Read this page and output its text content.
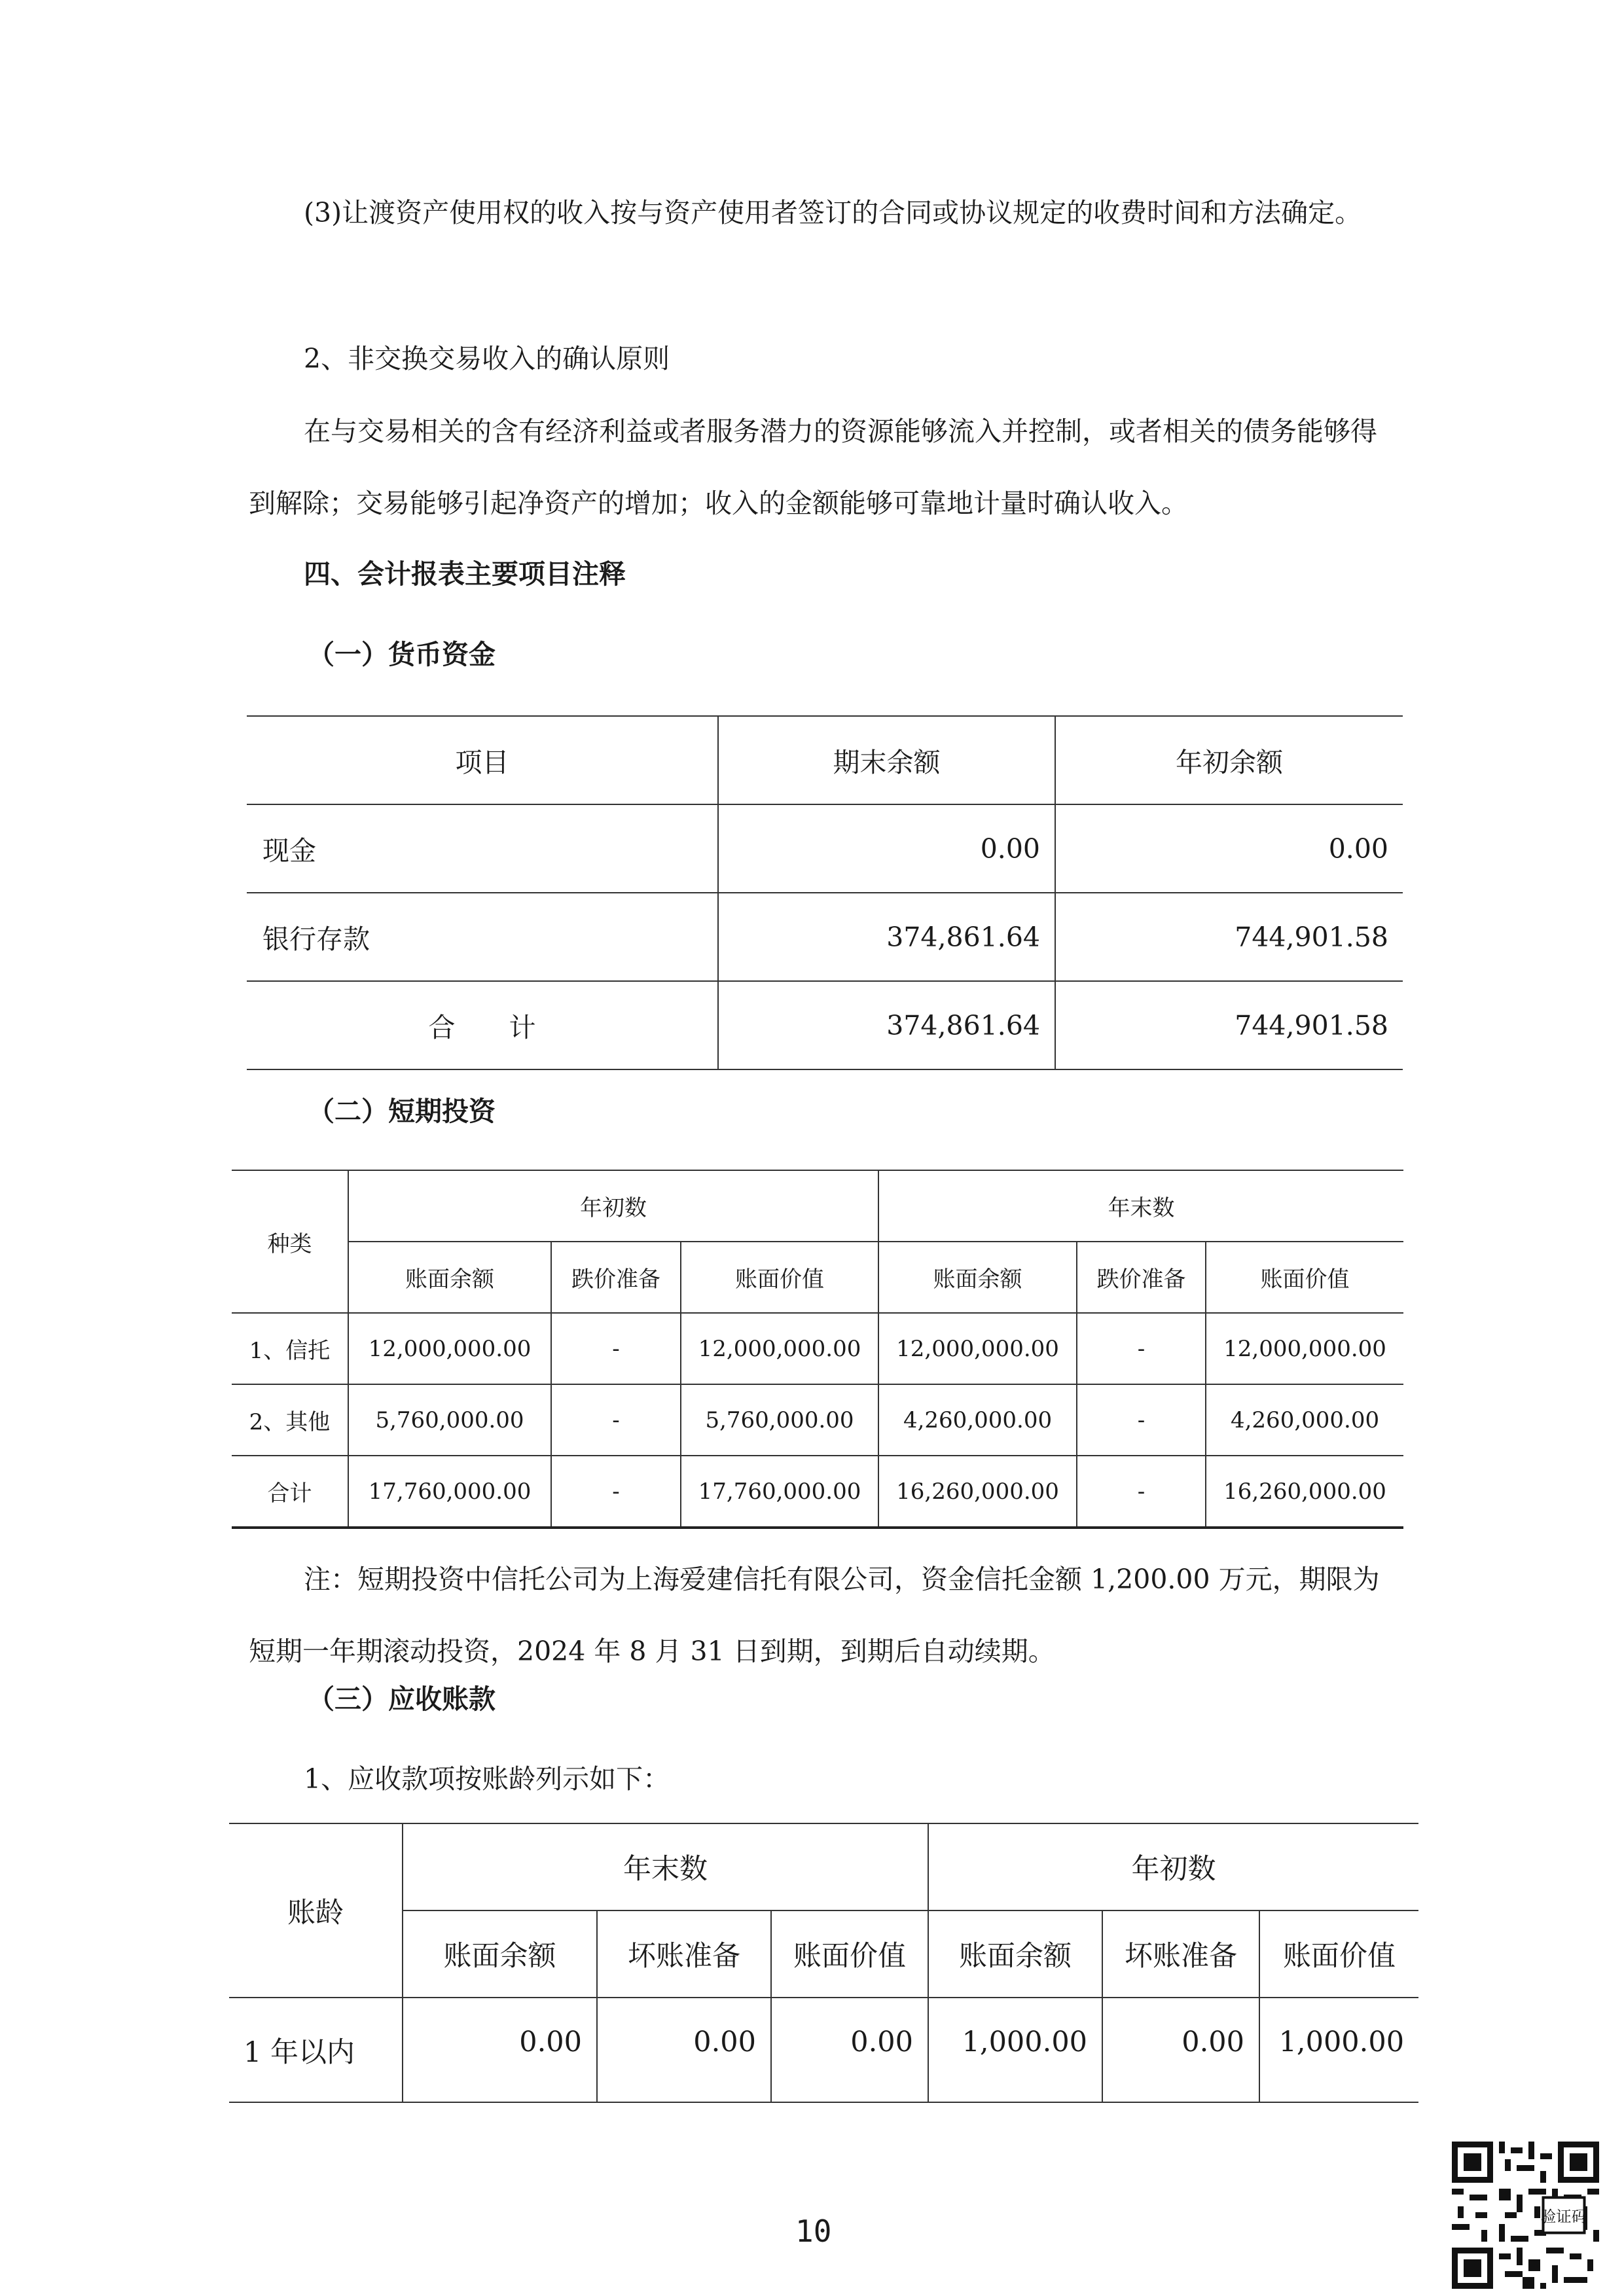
(3)让渡资产使用权的收入按与资产使用者签订的合同或协议规定的收费时间和方法确定。

2、非交换交易收入的确认原则

在与交易相关的含有经济利益或者服务潜力的资源能够流入并控制，或者相关的债务能够得到解除；交易能够引起净资产的增加；收入的金额能够可靠地计量时确认收入。

四、会计报表主要项目注释
（一）货币资金
项目	期末余额	年初余额
现金	0.00	0.00
银行存款	374,861.64	744,901.58
合　　计	374,861.64	744,901.58
（二）短期投资
种类	年初数			年末数		
	账面余额	跌价准备	账面价值	账面余额	跌价准备	账面价值
1、信托	12,000,000.00	-	12,000,000.00	12,000,000.00	-	12,000,000.00
2、其他	5,760,000.00	-	5,760,000.00	4,260,000.00	-	4,260,000.00
合计	17,760,000.00	-	17,760,000.00	16,260,000.00	-	16,260,000.00

注：短期投资中信托公司为上海爱建信托有限公司，资金信托金额 1,200.00 万元，期限为短期一年期滚动投资，2024 年 8 月 31 日到期，到期后自动续期。

（三）应收账款
1、应收款项按账龄列示如下：
账龄	年末数			年初数		
	账面余额	坏账准备	账面价值	账面余额	坏账准备	账面价值
1 年以内	0.00	0.00	0.00	1,000.00	0.00	1,000.00
10	验证码
